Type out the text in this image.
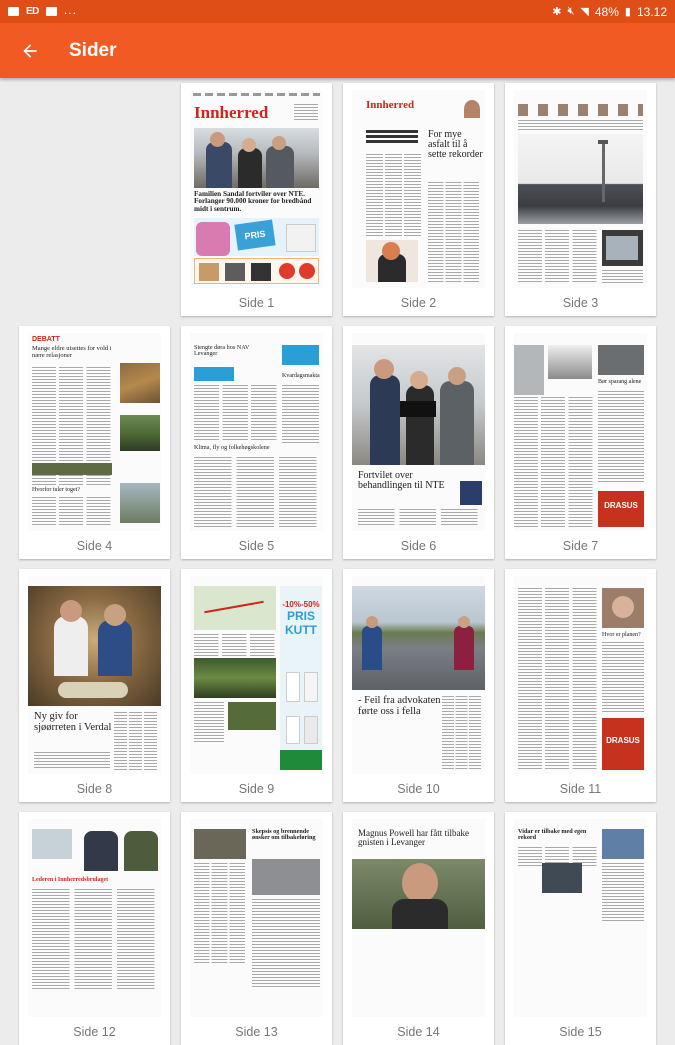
ED ...	✱ 🔇︎ ◥ 48% ▮ 13.12
Sider
Innherred
Familien Sandal fortviler over NTE. Forlanger 90.000 kroner for bredbånd midt i sentrum.
PRIS
Side 1
Innherred
For mye asfalt til å sette rekorder
Side 2	Side 3
DEBATT
Mange eldre utsettes for vold i nære relasjoner
Hvorfor tuler toget?
Side 4
Stengte døra hos NAV Levanger
Kvardagsmakta
Klima, fly og folkehøgskolene
Side 5
Fortvilet over behandlingen til NTE
Side 6
Bør sparang alene
DRASUS
Side 7
Ny giv for sjøørreten i Verdal
Side 8
-10%-50%
PRIS KUTT
Side 9
- Feil fra advokaten førte oss i fella
Side 10
Hvor er planen?
DRASUS
Side 11
Lederen i Innherredsbrulaget
Side 12
Skepsis og brennende ønsker om tilbakeføring
Side 13
Magnus Powell har fått tilbake gnisten i Levanger
Side 14
Vidar er tilbake med egen rekord
Side 15
